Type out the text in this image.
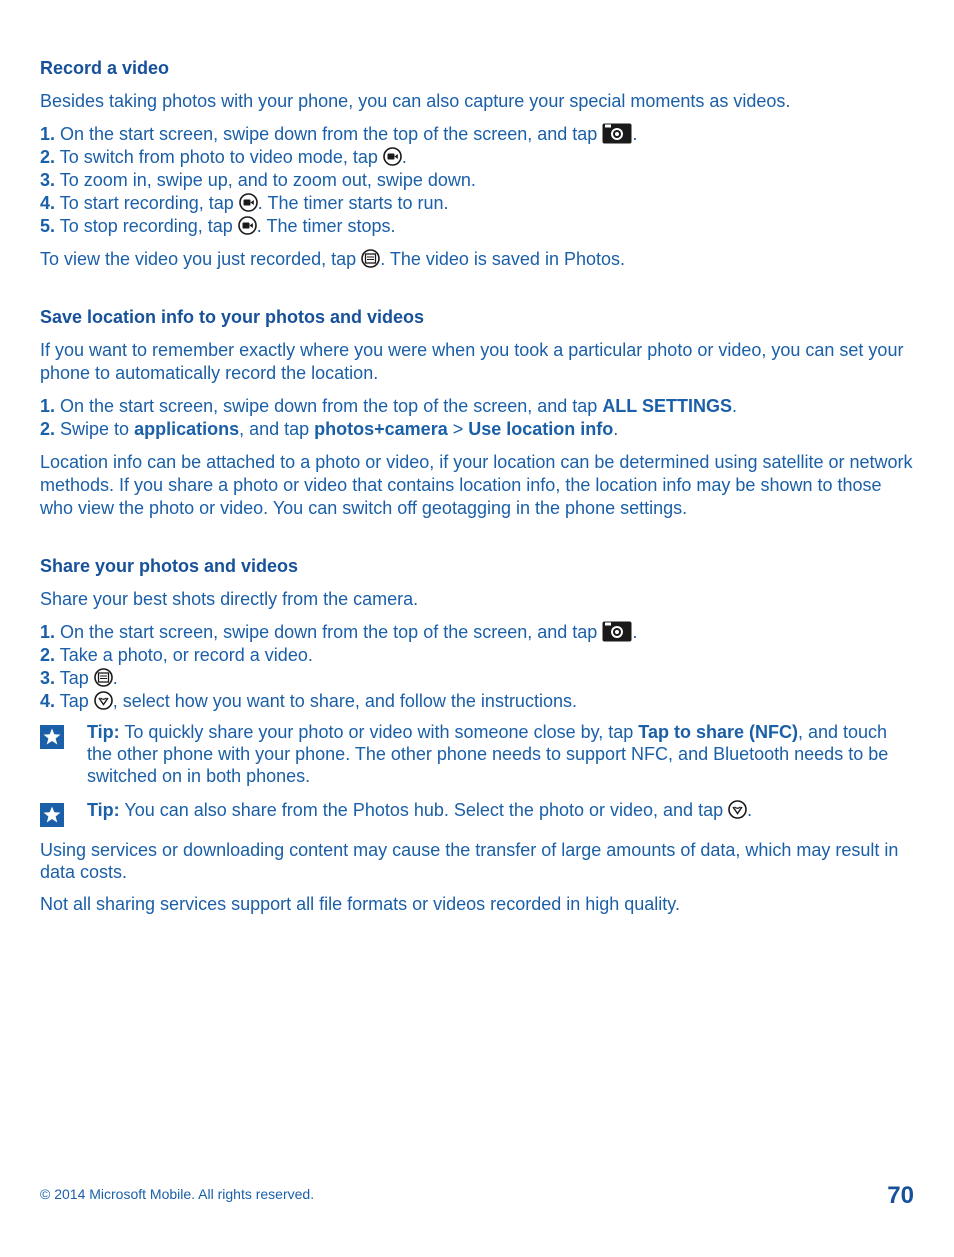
Record a video

Besides taking photos with your phone, you can also capture your special moments as videos.

1. On the start screen, swipe down from the top of the screen, and tap .
2. To switch from photo to video mode, tap .
3. To zoom in, swipe up, and to zoom out, swipe down.
4. To start recording, tap . The timer starts to run.
5. To stop recording, tap . The timer stops.

To view the video you just recorded, tap . The video is saved in Photos.

Save location info to your photos and videos

If you want to remember exactly where you were when you took a particular photo or video, you can set your phone to automatically record the location.

1. On the start screen, swipe down from the top of the screen, and tap ALL SETTINGS.
2. Swipe to applications, and tap photos+camera > Use location info.

Location info can be attached to a photo or video, if your location can be determined using satellite or network methods. If you share a photo or video that contains location info, the location info may be shown to those who view the photo or video. You can switch off geotagging in the phone settings.

Share your photos and videos

Share your best shots directly from the camera.

1. On the start screen, swipe down from the top of the screen, and tap .
2. Take a photo, or record a video.
3. Tap .
4. Tap , select how you want to share, and follow the instructions.
Tip: To quickly share your photo or video with someone close by, tap Tap to share (NFC), and touch the other phone with your phone. The other phone needs to support NFC, and Bluetooth needs to be switched on in both phones.
Tip: You can also share from the Photos hub. Select the photo or video, and tap .

Using services or downloading content may cause the transfer of large amounts of data, which may result in data costs.

Not all sharing services support all file formats or videos recorded in high quality.

© 2014 Microsoft Mobile. All rights reserved.	70
